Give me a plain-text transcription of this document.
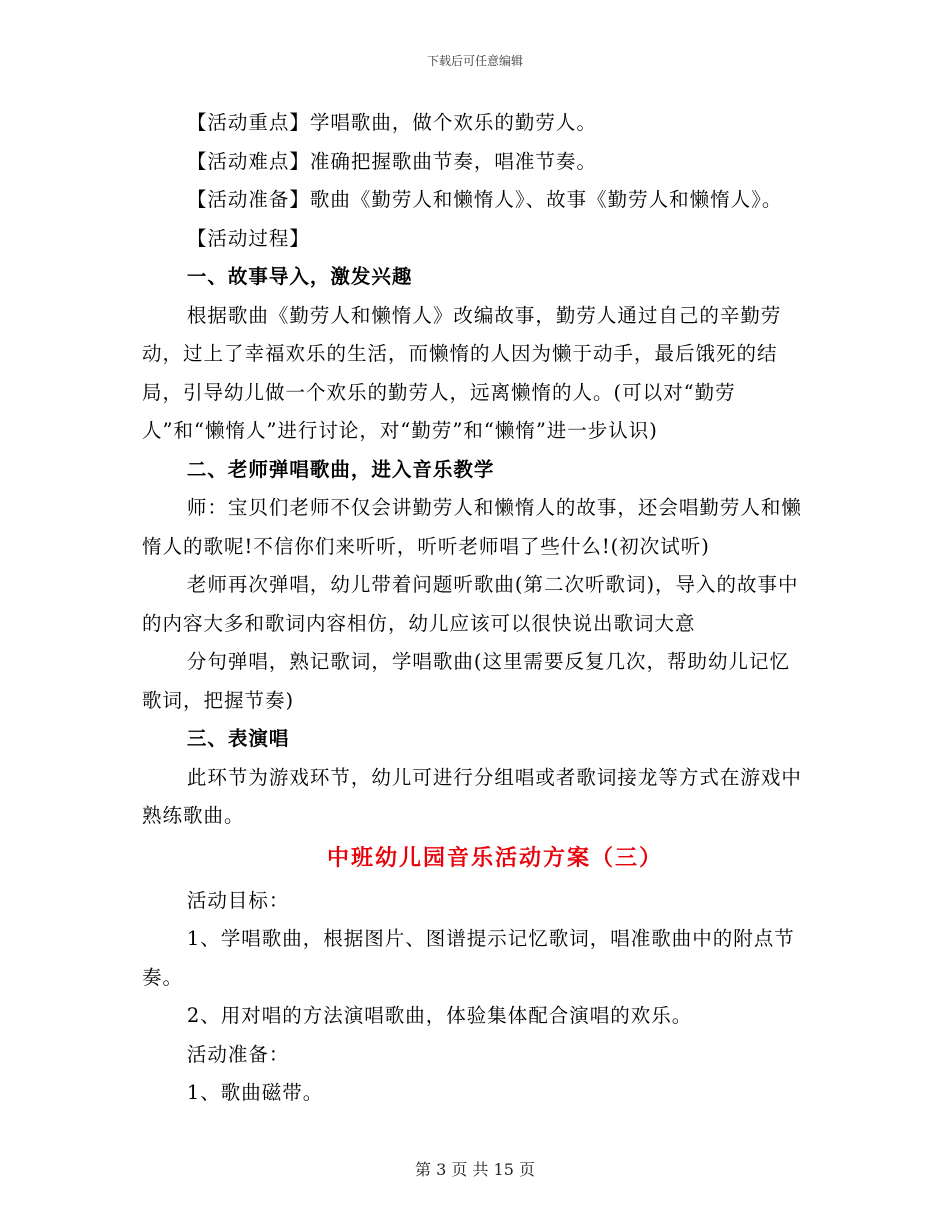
下载后可任意编辑

【活动重点】学唱歌曲，做个欢乐的勤劳人。

【活动难点】准确把握歌曲节奏，唱准节奏。

【活动准备】歌曲《勤劳人和懒惰人》、故事《勤劳人和懒惰人》。

【活动过程】

一、故事导入，激发兴趣

根据歌曲《勤劳人和懒惰人》改编故事，勤劳人通过自己的辛勤劳动，过上了幸福欢乐的生活，而懒惰的人因为懒于动手，最后饿死的结局，引导幼儿做一个欢乐的勤劳人，远离懒惰的人。(可以对“勤劳人”和“懒惰人”进行讨论，对“勤劳”和“懒惰”进一步认识)

二、老师弹唱歌曲，进入音乐教学

师：宝贝们老师不仅会讲勤劳人和懒惰人的故事，还会唱勤劳人和懒惰人的歌呢!不信你们来听听，听听老师唱了些什么!(初次试听)

老师再次弹唱，幼儿带着问题听歌曲(第二次听歌词)，导入的故事中的内容大多和歌词内容相仿，幼儿应该可以很快说出歌词大意

分句弹唱，熟记歌词，学唱歌曲(这里需要反复几次，帮助幼儿记忆歌词，把握节奏)

三、表演唱

此环节为游戏环节，幼儿可进行分组唱或者歌词接龙等方式在游戏中熟练歌曲。

中班幼儿园音乐活动方案（三）

活动目标：

1、学唱歌曲，根据图片、图谱提示记忆歌词，唱准歌曲中的附点节奏。

2、用对唱的方法演唱歌曲，体验集体配合演唱的欢乐。

活动准备：

1、歌曲磁带。

第 3 页 共 15 页
